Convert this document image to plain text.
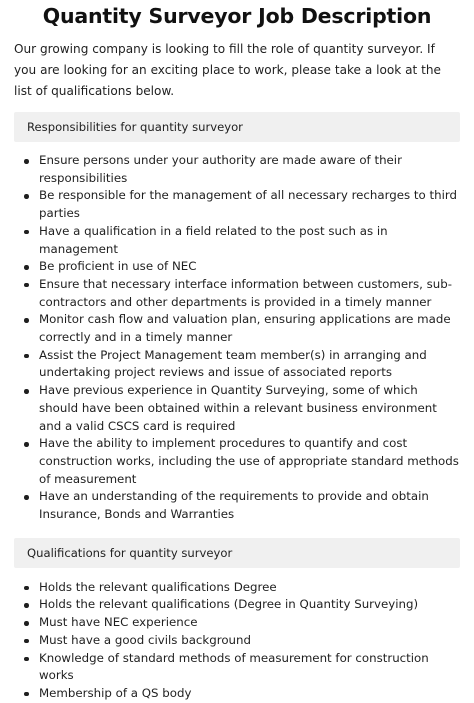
Quantity Surveyor Job Description

Our growing company is looking to fill the role of quantity surveyor. If you are looking for an exciting place to work, please take a look at the list of qualifications below.

Responsibilities for quantity surveyor
Ensure persons under your authority are made aware of their responsibilities
Be responsible for the management of all necessary recharges to third parties
Have a qualification in a field related to the post such as in management
Be proficient in use of NEC
Ensure that necessary interface information between customers, sub-contractors and other departments is provided in a timely manner
Monitor cash flow and valuation plan, ensuring applications are made correctly and in a timely manner
Assist the Project Management team member(s) in arranging and undertaking project reviews and issue of associated reports
Have previous experience in Quantity Surveying, some of which should have been obtained within a relevant business environment and a valid CSCS card is required
Have the ability to implement procedures to quantify and cost construction works, including the use of appropriate standard methods of measurement
Have an understanding of the requirements to provide and obtain Insurance, Bonds and Warranties
Qualifications for quantity surveyor
Holds the relevant qualifications Degree
Holds the relevant qualifications (Degree in Quantity Surveying)
Must have NEC experience
Must have a good civils background
Knowledge of standard methods of measurement for construction works
Membership of a QS body
